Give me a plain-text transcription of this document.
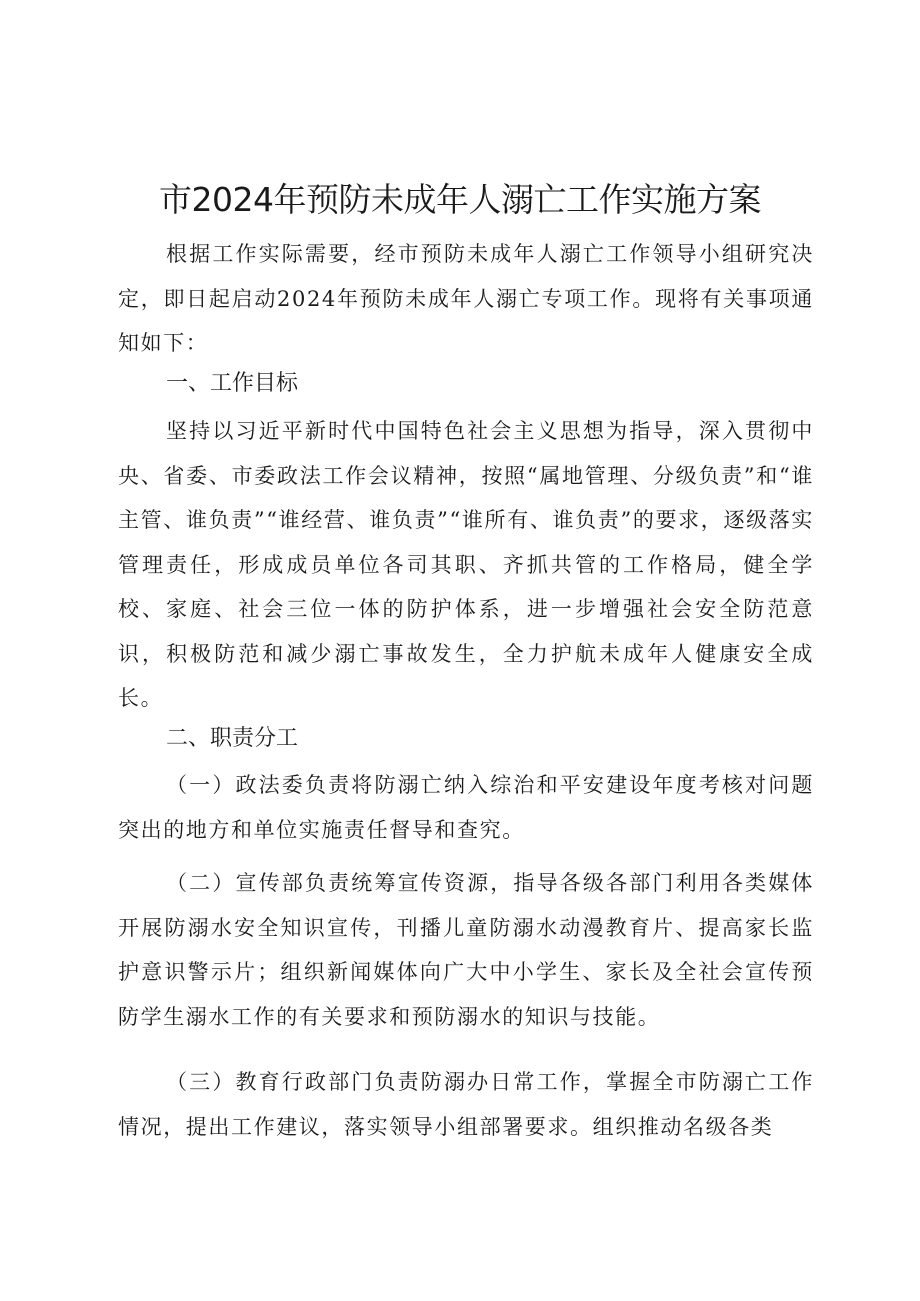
市2024年预防未成年人溺亡工作实施方案

根据工作实际需要，经市预防未成年人溺亡工作领导小组研究决定，即日起启动2024年预防未成年人溺亡专项工作。现将有关事项通知如下：

一、工作目标

坚持以习近平新时代中国特色社会主义思想为指导，深入贯彻中央、省委、市委政法工作会议精神，按照“属地管理、分级负责”和“谁主管、谁负责”“谁经营、谁负责”“谁所有、谁负责”的要求，逐级落实管理责任，形成成员单位各司其职、齐抓共管的工作格局，健全学校、家庭、社会三位一体的防护体系，进一步增强社会安全防范意识，积极防范和减少溺亡事故发生，全力护航未成年人健康安全成长。

二、职责分工

（一）政法委负责将防溺亡纳入综治和平安建设年度考核对问题突出的地方和单位实施责任督导和查究。

（二）宣传部负责统筹宣传资源，指导各级各部门利用各类媒体开展防溺水安全知识宣传，刊播儿童防溺水动漫教育片、提高家长监护意识警示片；组织新闻媒体向广大中小学生、家长及全社会宣传预防学生溺水工作的有关要求和预防溺水的知识与技能。

（三）教育行政部门负责防溺办日常工作，掌握全市防溺亡工作情况，提出工作建议，落实领导小组部署要求。组织推动名级各类
